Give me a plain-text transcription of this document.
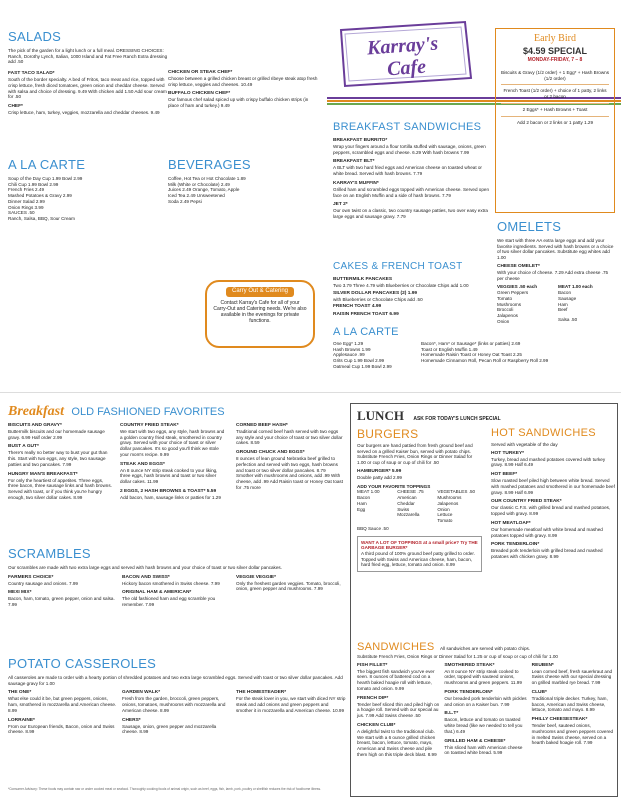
SALADS
The pick of the garden for a light lunch or a full meal. DRESSING CHOICES: Ranch, Dorothy Lynch, Italian, 1000 Island and Fat Free Ranch Extra dressing add .50
FAST TACO SALAD*
South of the border specialty. A bed of Fritos, taco meat and rice, topped with crisp lettuce, fresh diced tomatoes, green onion and cheddar cheese. Served with salsa and choice of dressing. 9.49 With chicken add 1.50 Add sour cream for .50
CHEF*
Crisp lettuce, ham, turkey, veggies, mozzarella and cheddar cheeses. 9.49
CHICKEN OR STEAK CHEF*
Choose between a grilled chicken breast or grilled ribeye steak atop fresh crisp lettuce, veggies and cheeses. 10.49
BUFFALO CHICKEN CHEF*
Our famous chef salad spiced up with crispy buffalo chicken strips (in place of ham and turkey.) 9.49
A LA CARTE
Soup of the Day Cup 1.99 Bowl 2.99
Chili Cup 1.99 Bowl 2.99
French Fries 2.49
Mashed Potatoes & Gravy 2.99
Dinner Salad 2.99
Onion Rings 3.99
SAUCES .50
Ranch, Salsa, BBQ, Sour Cream
BEVERAGES
Coffee, Hot Tea or Hot Chocolate 1.89
Milk (White or Chocolate) 2.49
Juices 2.49 Orange, Tomato, Apple
Iced Tea 2.49 Unsweetened
Soda 2.49 Pepsi
Carry Out & Catering
Contact Karray's Cafe for all of your Carry-Out and Catering needs. We're also available in the evenings for private functions.
Karray's
Cafe
Early Bird
$4.59 SPECIAL
MONDAY-FRIDAY, 7 – 8
Biscuits & Gravy (1/2 order) + 1 Egg* + Hash Browns (1/2 order)
French Toast (1/2 order) + choice of 1 patty, 2 links or 2 bacon
2 Eggs* + Hash Browns + Toast
Add 2 bacon or 2 links or 1 patty 1.29
BREAKFAST SANDWICHES
BREAKFAST BURRITO*
Wrap your fingers around a flour tortilla stuffed with sausage, onions, green peppers, scrambled eggs and cheese. 6.29 With hash browns 7.99
BREAKFAST BLT*
A BLT with two hard fried eggs and American cheese on toasted wheat or white bread. Served with hash browns. 7.79
KARRAY'S MUFFIN*
Grilled ham and scrambled eggs topped with American cheese. Served open face on an English Muffin and a side of hash browns. 7.79
JET 2*
Our own twist on a classic, two country sausage patties, two over easy extra large eggs and sausage gravy. 7.79
CAKES & FRENCH TOAST
BUTTERMILK PANCAKES
Two 3.79 Three 4.79 with Blueberries or Chocolate Chips add 1.00
SILVER DOLLAR PANCAKES (2) 1.99
with Blueberries or Chocolate Chips add .50
FRENCH TOAST 4.99
RAISIN FRENCH TOAST 6.99
A LA CARTE
One Egg* 1.29
Hash Browns 1.99
Applesauce .99
Grits Cup 1.99 Bowl 2.99
Oatmeal Cup 1.99 Bowl 2.99
Bacon*, Ham* or Sausage* (links or patties) 2.69
Toast or English Muffin 1.49
Homemade Raisin Toast or Honey Oat Toast 2.25
Homemade Cinnamon Roll, Pecan Roll or Raspberry Roll 2.99
OMELETS
We start with three AA extra large eggs and add your favorite ingredients. Served with hash browns or a choice of two silver dollar pancakes. Substitute egg whites add 1.00
CHEESE OMELET*
With your choice of cheese. 7.29 Add extra cheese .75 per cheese
VEGGIES .50 each
Green Peppers
Tomato
Mushrooms
Broccoli
Jalapenos
Onion
MEAT 1.00 each
Bacon
Sausage
Ham
Beef
Salsa .50
Breakfast OLD FASHIONED FAVORITES
BISCUITS AND GRAVY*
Buttermilk biscuits and our homemade sausage gravy. 6.99 Half order 2.99
BUST A GUT*
There's really no better way to bust your gut than this. Start with two eggs, any style, two sausage patties and two pancakes. 7.99
HUNGRY MAN'S BREAKFAST*
For only the heartiest of appetites. Three eggs, three bacon, three sausage links and hash browns. Served with toast, or if you think you're hungry enough, two silver dollar cakes. 8.99
COUNTRY FRIED STEAK*
We start with two eggs, any style, hash browns and a golden country fried steak, smothered in country gravy. Served with your choice of toast or silver dollar pancakes. It's so good you'll think we stole your mom's recipe. 9.99
STEAK AND EGGS*
An 8 ounce NY strip steak cooked to your liking, three eggs, hash browns and toast or two silver dollar cakes. 11.99
2 EGGS, 2 HASH BROWNS & TOAST* 5.59
Add bacon, ham, sausage links or patties for 1.29
CORNED BEEF HASH*
Traditional corned beef hash served with two eggs any style and your choice of toast or two silver dollar cakes. 8.59
GROUND CHUCK AND EGGS*
8 ounces of lean ground Nebraska beef grilled to perfection and served with two eggs, hash browns and toast or two silver dollar pancakes. 8.79 Smother with mushrooms and onions, add .99 With cheese, add .99 Add Raisin toast or Honey Oat toast for .75 more
SCRAMBLES
Our scrambles are made with two extra large eggs and served with hash browns and your choice of toast or two silver dollar pancakes.
FARMERS CHOICE*
Country sausage and onions. 7.99
MEXI MIX*
Bacon, ham, tomato, green pepper, onion and salsa. 7.99
BACON AND SWISS*
Hickory bacon smothered in Swiss cheese. 7.99
ORIGINAL HAM & AMERICAN*
The old fashioned ham and egg scramble you remember. 7.99
VEGGIE VEGGIE*
Only the freshest garden veggies. Tomato, broccoli, onion, green pepper and mushrooms. 7.99
POTATO CASSEROLES
All casseroles are made to order with a hearty portion of shredded potatoes and two extra large scrambled eggs. Served with toast or two silver dollar pancakes. Add sausage gravy for 1.00
THE ONE*
What else could it be, but green peppers, onions, ham, smothered in mozzarella and American cheese. 8.99
LORRAINE*
From our European friends, Bacon, onion and Swiss cheese. 8.99
GARDEN WALK*
Fresh from the garden, broccoli, green peppers, onions, tomatoes, mushrooms with mozzarella and American cheese. 8.99
CHERS*
Sausage, onion, green pepper and mozzarella cheese. 8.99
THE HOMESTEADER*
For the steak lover in you, we start with diced NY strip steak and add onions and green peppers and smother it in mozzarella and American cheese. 10.99
LUNCH ASK FOR TODAY'S LUNCH SPECIAL
BURGERS
Our burgers are hand pattied from fresh ground beef and served on a grilled Kaiser bun, served with potato chips. Substitute French Fries, Onion Rings or Dinner Salad for 1.00 or cup of soup or cup of chili for .50
HAMBURGER* 5.99
Double patty add 2.99
ADD YOUR FAVORITE TOPPINGS
MEAT 1.00
Bacon
Ham
Egg
CHEESE .75
American
Cheddar
Swiss
Mozzarella
VEGETABLES .50
Mushrooms
Jalapenos
Onion
Lettuce
Tomato
BBQ Sauce .50
WANT A LOT OF TOPPINGS at a small price? Try THE GARBAGE BURGER*
A third pound of 100% ground beef patty grilled to order. Topped with Swiss and American cheese, ham, bacon, hard fried egg, lettuce, tomato and onion. 8.99
HOT SANDWICHES
Served with vegetable of the day
HOT TURKEY*
Turkey, bread and mashed potatoes covered with turkey gravy. 8.99 Half 6.49
HOT BEEF*
Slow roasted beef piled high between white bread. Served with mashed potatoes and smothered in our homemade beef gravy. 8.99 Half 6.99
OUR COUNTRY FRIED STEAK*
Our classic C.F.S. with grilled bread and mashed potatoes, topped with gravy. 8.99
HOT MEATLOAF*
Our homemade meatloaf with white bread and mashed potatoes topped with gravy. 8.99
PORK TENDERLOIN*
Breaded pork tenderloin with grilled bread and mashed potatoes with chicken gravy. 8.99
SANDWICHES All sandwiches are served with potato chips.
Substitute French Fries, Onion Rings or Dinner Salad for 1.25 or cup of soup or cup of chili for 1.00
FISH FILLET*
The biggest fish sandwich you've ever seen. 8 ounces of battered cod on a hearth baked hoagie roll with lettuce, tomato and onion. 9.99
FRENCH DIP*
Tender beef sliced thin and piled high on a hoagie roll. Served with our special au jus. 7.99 Add Swiss cheese .50
CHICKEN CLUB*
A delightful twist to the traditional club. We start with a 6 ounce grilled chicken breast, bacon, lettuce, tomato, mayo, American and Swiss cheese and pile them high on this triple deck blast. 8.99
SMOTHERED STEAK*
An 8 ounce NY strip steak cooked to order, topped with sauteed onions, mushrooms and green peppers. 11.99
PORK TENDERLOIN*
Our breaded pork tenderloin with pickles and onion on a Kaiser bun. 7.99
B.L.T*
Bacon, lettuce and tomato on toasted white bread (like we needed to tell you that.) 6.49
GRILLED HAM & CHEESE*
Thin sliced ham with American cheese on toasted white bread. 5.99
REUBEN*
Lean corned beef, fresh sauerkraut and Swiss cheese with our special dressing on grilled marbled rye bread. 7.99
CLUB*
Traditional triple decker. Turkey, ham, bacon, American and Swiss cheese, lettuce, tomato and mayo. 8.99
PHILLY CHEESESTEAK*
Tender beef, sauteed onions, mushrooms and green peppers covered in melted Swiss cheese, served on a hearth baked hoagie roll. 7.99
*Consumer Advisory: These foods may contain raw or under cooked meat or seafood. Thoroughly cooking foods of animal origin, such as beef, eggs, fish, lamb, pork, poultry or shellfish reduces the risk of foodborne illness.
